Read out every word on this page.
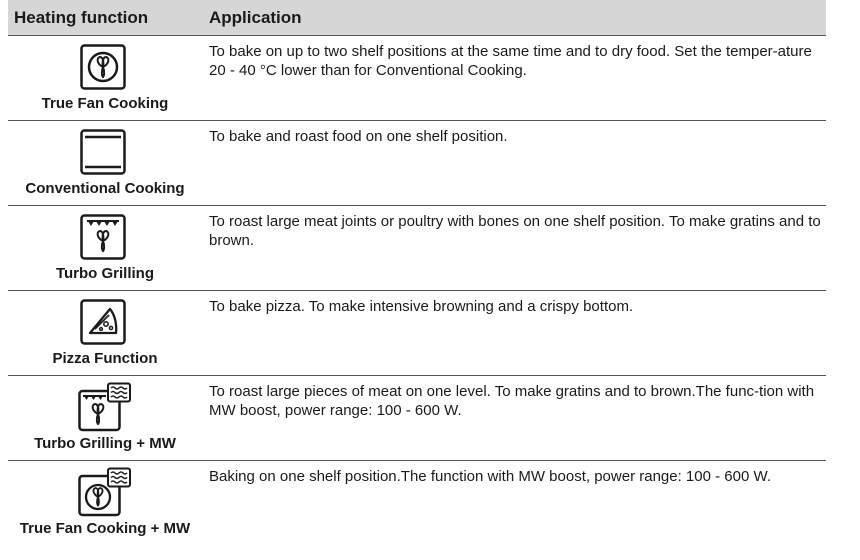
Heating function	Application
True Fan Cooking
To bake on up to two shelf positions at the same time and to dry food. Set the temper-ature 20 - 40 °C lower than for Conventional Cooking.
Conventional Cooking
To bake and roast food on one shelf position.
Turbo Grilling
To roast large meat joints or poultry with bones on one shelf position. To make gratins and to brown.
Pizza Function
To bake pizza. To make intensive browning and a crispy bottom.
Turbo Grilling + MW
To roast large pieces of meat on one level. To make gratins and to brown.The func-tion with MW boost, power range: 100 - 600 W.
True Fan Cooking + MW
Baking on one shelf position.The function with MW boost, power range: 100 - 600 W.
